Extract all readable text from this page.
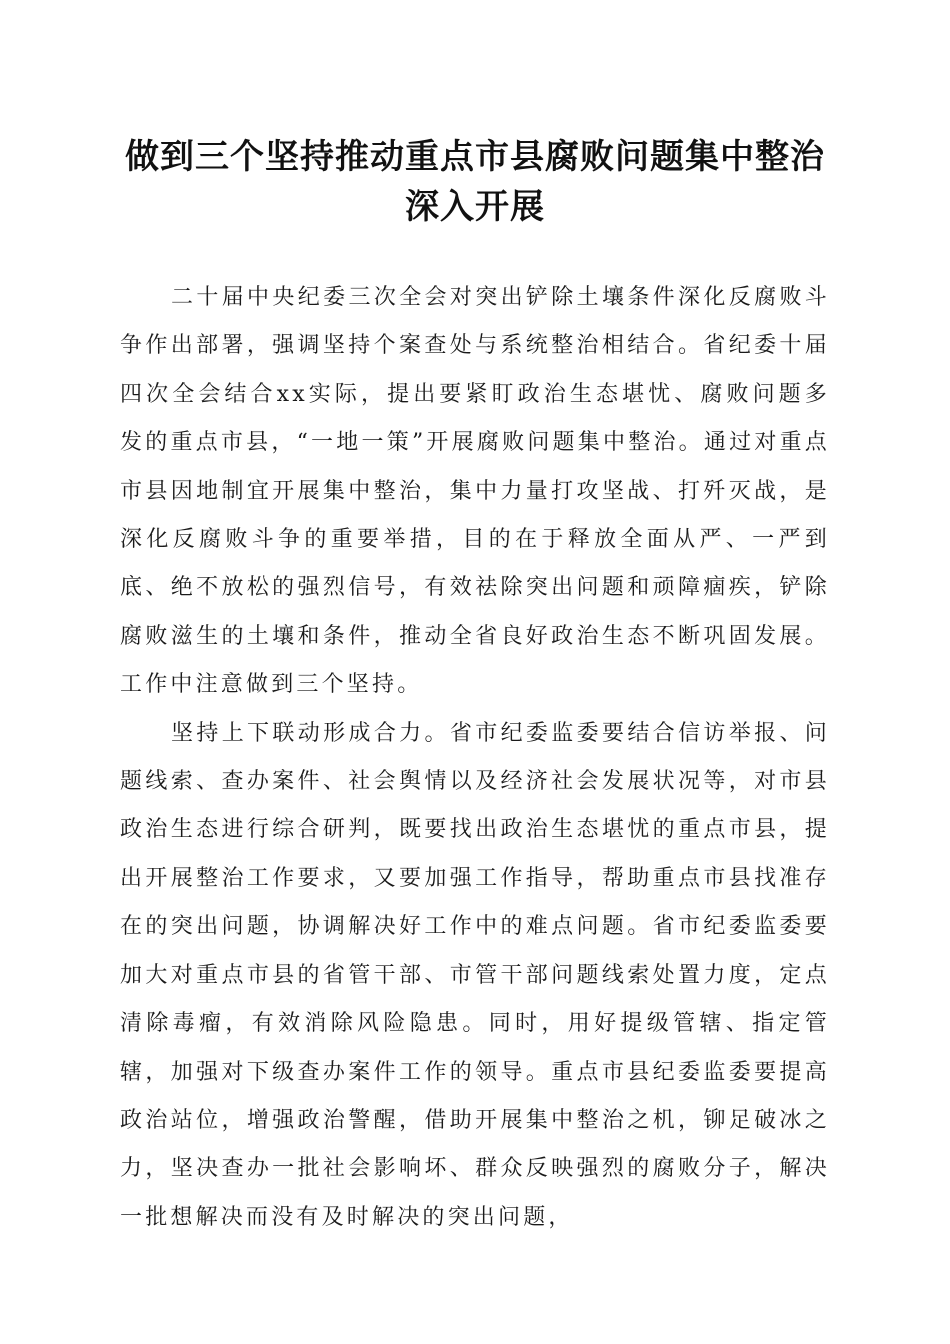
做到三个坚持推动重点市县腐败问题集中整治
深入开展

二十届中央纪委三次全会对突出铲除土壤条件深化反腐败斗争作出部署，强调坚持个案查处与系统整治相结合。省纪委十届四次全会结合xx实际，提出要紧盯政治生态堪忧、腐败问题多发的重点市县，“一地一策”开展腐败问题集中整治。通过对重点市县因地制宜开展集中整治，集中力量打攻坚战、打歼灭战，是深化反腐败斗争的重要举措，目的在于释放全面从严、一严到底、绝不放松的强烈信号，有效祛除突出问题和顽障痼疾，铲除腐败滋生的土壤和条件，推动全省良好政治生态不断巩固发展。工作中注意做到三个坚持。

坚持上下联动形成合力。省市纪委监委要结合信访举报、问题线索、查办案件、社会舆情以及经济社会发展状况等，对市县政治生态进行综合研判，既要找出政治生态堪忧的重点市县，提出开展整治工作要求，又要加强工作指导，帮助重点市县找准存在的突出问题，协调解决好工作中的难点问题。省市纪委监委要加大对重点市县的省管干部、市管干部问题线索处置力度，定点清除毒瘤，有效消除风险隐患。同时，用好提级管辖、指定管辖，加强对下级查办案件工作的领导。重点市县纪委监委要提高政治站位，增强政治警醒，借助开展集中整治之机，铆足破冰之力，坚决查办一批社会影响坏、群众反映强烈的腐败分子，解决一批想解决而没有及时解决的突出问题，
